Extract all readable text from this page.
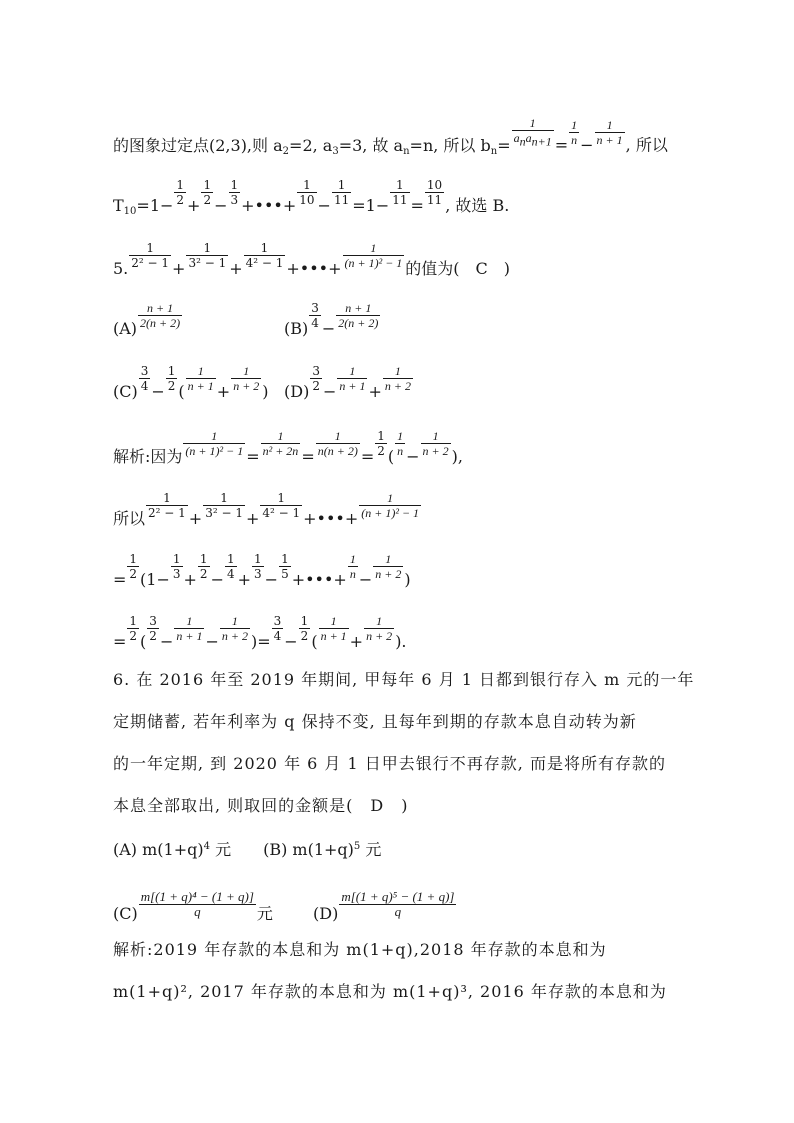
的图象过定点(2,3),则 $a_2=2$, $a_3=3$, 故 $a_n=n$, 所以 $b_n=$
1
$a_na_{n+1} = \frac{1}{n} - \frac{1}{n + 1}$ , 所以
$T_{10}=1- \frac{1}{2} + \frac{1}{2} - \frac{1}{3}$ +•••+ $\frac{1}{10} - \frac{1}{11} =1- \frac{1}{11} = \frac{10}{11}$ , 故选 B.
5. $\frac{1}{\text{2² − 1}} + \frac{1}{\text{3² − 1}} + \frac{1}{\text{4² − 1}}$ +•••+ $\frac{1}{\text{(n + 1)² − 1}}$ 的值为(　C　)
$(A) \frac{n + 1}{2(n + 2)}$	$(B) \frac{3}{4} - \frac{n + 1}{2(n + 2)}$
$(C) \frac{3}{4} - \frac{1}{2}$ ( $\frac{1}{n + 1} + \frac{1}{n + 2}$ ) $(D) \frac{3}{2} - \frac{1}{n + 1} + \frac{1}{n + 2}$
解析:因为 $\frac{1}{\text{(n + 1)² − 1}} = \frac{1}{\text{n² + 2n}} = \frac{1}{n(n + 2)} = \frac{1}{2}$ ( $\frac{1}{n} - \frac{1}{n + 2}$ ),
所以 $\frac{1}{\text{2² − 1}} + \frac{1}{\text{3² − 1}} + \frac{1}{\text{4² − 1}}$ +•••+ $\frac{1}{\text{(n + 1)² − 1}}$
= $\frac{1}{2} (1- \frac{1}{3} + \frac{1}{2} - \frac{1}{4} + \frac{1}{3} - \frac{1}{5}$ +•••+ $\frac{1}{n} - \frac{1}{n + 2}$ )
= $\frac{1}{2}$ ( $\frac{3}{2} - \frac{1}{n + 1} - \frac{1}{n + 2}$ )= $\frac{3}{4} - \frac{1}{2}$ ( $\frac{1}{n + 1} + \frac{1}{n + 2}$ ).
6. 在 2016 年至 2019 年期间, 甲每年 6 月 1 日都到银行存入 m 元的一年
定期储蓄, 若年利率为 q 保持不变, 且每年到期的存款本息自动转为新
的一年定期, 到 2020 年 6 月 1 日甲去银行不再存款, 而是将所有存款的
本息全部取出, 则取回的金额是(　D　)
(A) $m(1+q)^4$ 元　　(B) $m(1+q)^5$ 元
$(C) \frac{\text{m[(1 + q)⁴ − (1 + q)]}}{q}$ 元	$(D) \frac{\text{m[(1 + q)⁵ − (1 + q)]}}{q}$
解析:2019 年存款的本息和为 m(1+q),2018 年存款的本息和为
m(1+q)², 2017 年存款的本息和为 m(1+q)³, 2016 年存款的本息和为
